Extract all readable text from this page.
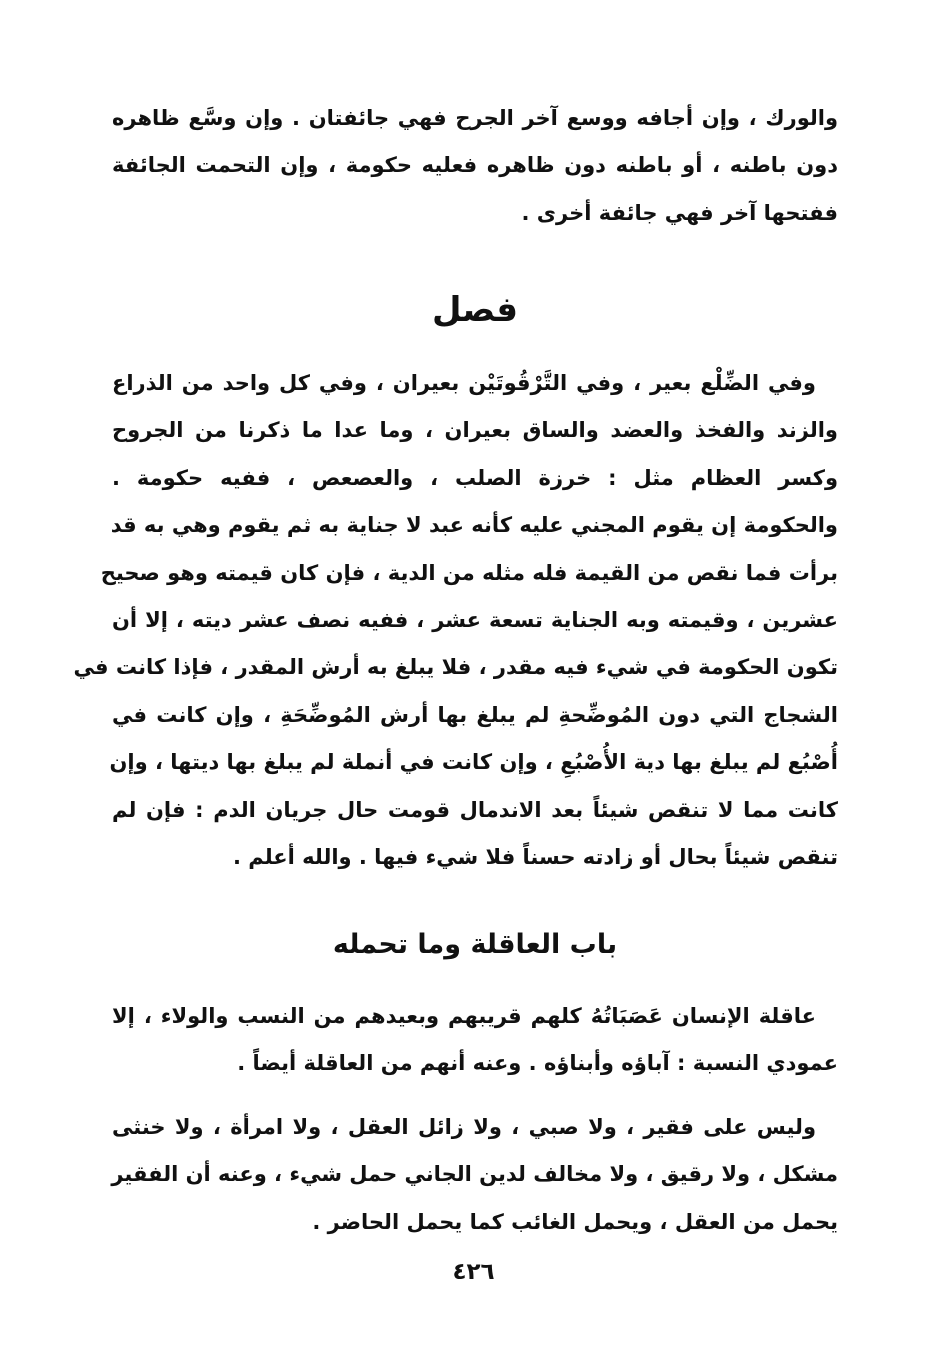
والورك ، وإن أجافه ووسع آخر الجرح فهي جائفتان . وإن وسَّع ظاهره
دون باطنه ، أو باطنه دون ظاهره فعليه حكومة ، وإن التحمت الجائفة
ففتحها آخر فهي جائفة أخرى .

فصل

وفي الضِّلْع بعير ، وفي التَّرْقُوتَيْن بعيران ، وفي كل واحد من الذراع
والزند والفخذ والعضد والساق بعيران ، وما عدا ما ذكرنا من الجروح
وكسر العظام مثل : خرزة الصلب ، والعصعص ، ففيه حكومة .
والحكومة إن يقوم المجني عليه كأنه عبد لا جناية به ثم يقوم وهي به قد
برأت فما نقص من القيمة فله مثله من الدية ، فإن كان قيمته وهو صحيح
عشرين ، وقيمته وبه الجناية تسعة عشر ، ففيه نصف عشر ديته ، إلا أن
تكون الحكومة في شيء فيه مقدر ، فلا يبلغ به أرش المقدر ، فإذا كانت في
الشجاج التي دون المُوضِّحةِ لم يبلغ بها أرش المُوضِّحَةِ ، وإن كانت في
أُصْبُع لم يبلغ بها دية الأُصْبُعِ ، وإن كانت في أنملة لم يبلغ بها ديتها ، وإن
كانت مما لا تنقص شيئاً بعد الاندمال قومت حال جريان الدم : فإن لم
تنقص شيئاً بحال أو زادته حسناً فلا شيء فيها . والله أعلم .

باب العاقلة وما تحمله

عاقلة الإنسان عَصَبَاتُهُ كلهم قريبهم وبعيدهم من النسب والولاء ، إلا
عمودي النسبة : آباؤه وأبناؤه . وعنه أنهم من العاقلة أيضاً .

وليس على فقير ، ولا صبي ، ولا زائل العقل ، ولا امرأة ، ولا خنثى
مشكل ، ولا رقيق ، ولا مخالف لدين الجاني حمل شيء ، وعنه أن الفقير
يحمل من العقل ، ويحمل الغائب كما يحمل الحاضر .

٤٢٦
